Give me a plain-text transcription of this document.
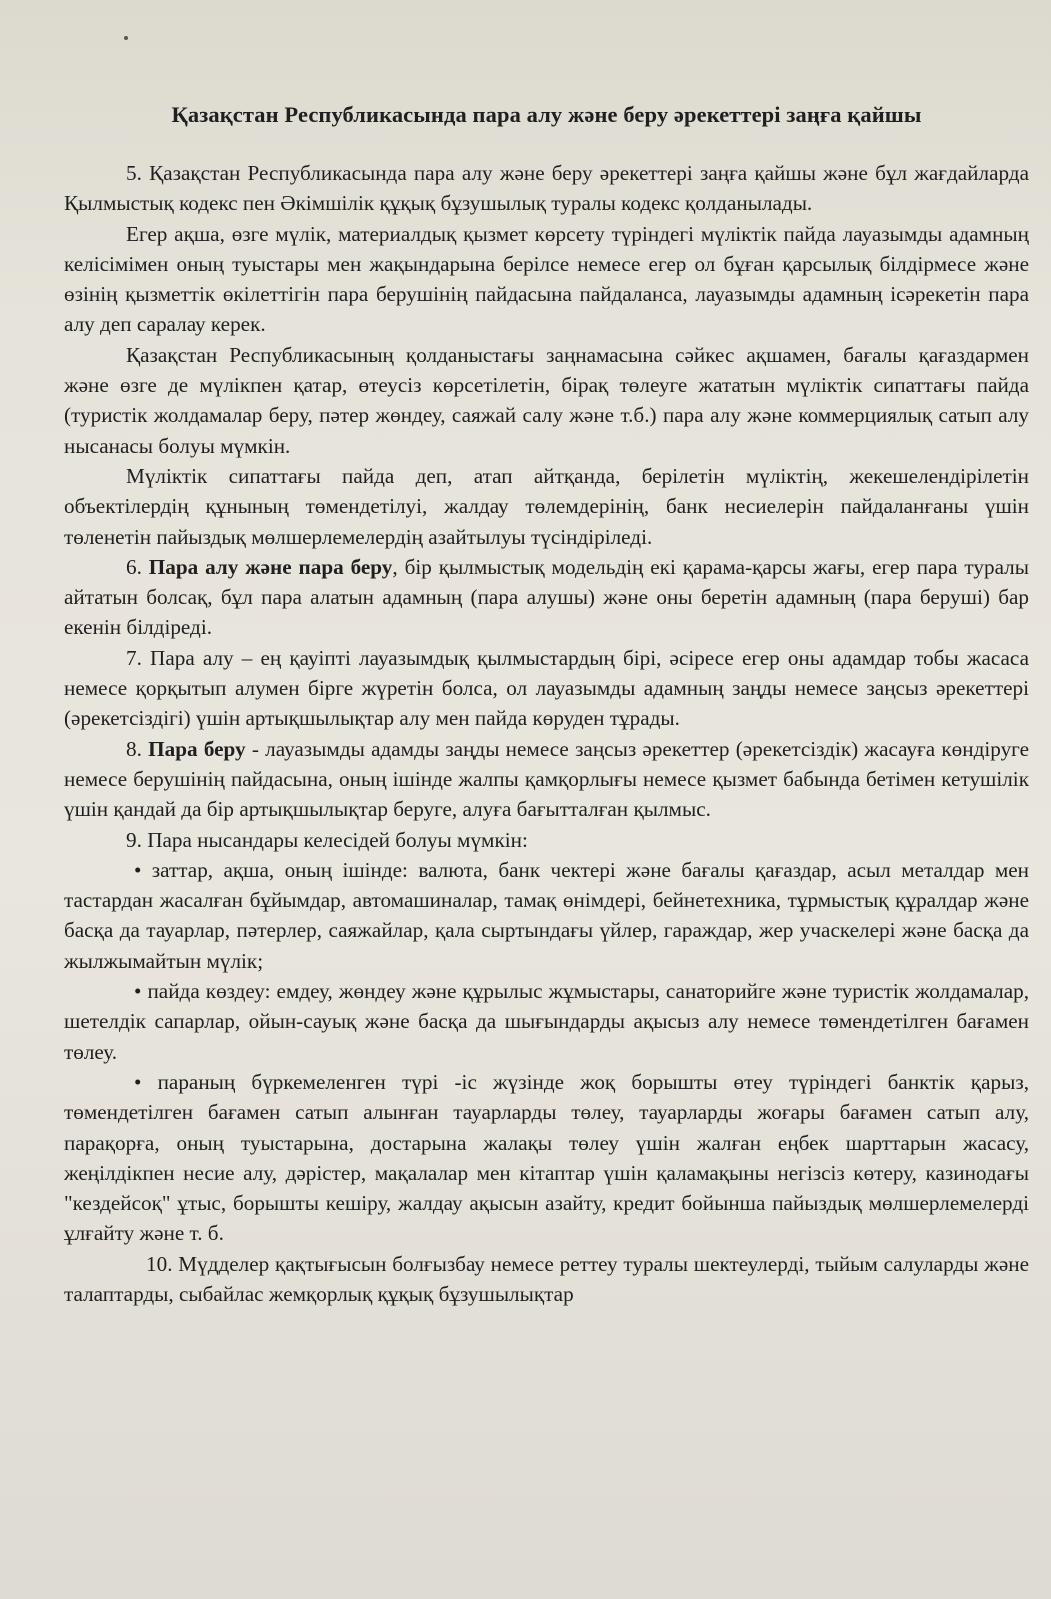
Қазақстан Республикасында пара алу және беру әрекеттері заңға қайшы

5. Қазақстан Республикасында пара алу және беру әрекеттері заңға қайшы және бұл жағдайларда Қылмыстық кодекс пен Әкімшілік құқық бұзушылық туралы кодекс қолданылады.

Егер ақша, өзге мүлік, материалдық қызмет көрсету түріндегі мүліктік пайда лауазымды адамның келісімімен оның туыстары мен жақындарына берілсе немесе егер ол бұған қарсылық білдірмесе және өзінің қызметтік өкілеттігін пара берушінің пайдасына пайдаланса, лауазымды адамның ісәрекетін пара алу деп саралау керек.

Қазақстан Республикасының қолданыстағы заңнамасына сәйкес ақшамен, бағалы қағаздармен және өзге де мүлікпен қатар, өтеусіз көрсетілетін, бірақ төлеуге жататын мүліктік сипаттағы пайда (туристік жолдамалар беру, пәтер жөндеу, саяжай салу және т.б.) пара алу және коммерциялық сатып алу нысанасы болуы мүмкін.

Мүліктік сипаттағы пайда деп, атап айтқанда, берілетін мүліктің, жекешелендірілетін объектілердің құнының төмендетілуі, жалдау төлемдерінің, банк несиелерін пайдаланғаны үшін төленетін пайыздық мөлшерлемелердің азайтылуы түсіндіріледі.

6. Пара алу және пара беру, бір қылмыстық модельдің екі қарама-қарсы жағы, егер пара туралы айтатын болсақ, бұл пара алатын адамның (пара алушы) және оны беретін адамның (пара беруші) бар екенін білдіреді.

7. Пара алу – ең қауіпті лауазымдық қылмыстардың бірі, әсіресе егер оны адамдар тобы жасаса немесе қорқытып алумен бірге жүретін болса, ол лауазымды адамның заңды немесе заңсыз әрекеттері (әрекетсіздігі) үшін артықшылықтар алу мен пайда көруден тұрады.

8. Пара беру - лауазымды адамды заңды немесе заңсыз әрекеттер (әрекетсіздік) жасауға көндіруге немесе берушінің пайдасына, оның ішінде жалпы қамқорлығы немесе қызмет бабында бетімен кетушілік үшін қандай да бір артықшылықтар беруге, алуға бағытталған қылмыс.

9. Пара нысандары келесідей болуы мүмкін:

• заттар, ақша, оның ішінде: валюта, банк чектері және бағалы қағаздар, асыл металдар мен тастардан жасалған бұйымдар, автомашиналар, тамақ өнімдері, бейнетехника, тұрмыстық құралдар және басқа да тауарлар, пәтерлер, саяжайлар, қала сыртындағы үйлер, гараждар, жер учаскелері және басқа да жылжымайтын мүлік;

• пайда көздеу: емдеу, жөндеу және құрылыс жұмыстары, санаторийге және туристік жолдамалар, шетелдік сапарлар, ойын-сауық және басқа да шығындарды ақысыз алу немесе төмендетілген бағамен төлеу.

• параның бүркемеленген түрі -іс жүзінде жоқ борышты өтеу түріндегі банктік қарыз, төмендетілген бағамен сатып алынған тауарларды төлеу, тауарларды жоғары бағамен сатып алу, парақорға, оның туыстарына, достарына жалақы төлеу үшін жалған еңбек шарттарын жасасу, жеңілдікпен несие алу, дәрістер, мақалалар мен кітаптар үшін қаламақыны негізсіз көтеру, казинодағы "кездейсоқ" ұтыс, борышты кешіру, жалдау ақысын азайту, кредит бойынша пайыздық мөлшерлемелерді ұлғайту және т. б.

10. Мүдделер қақтығысын болғызбау немесе реттеу туралы шектеулерді, тыйым салуларды және талаптарды, сыбайлас жемқорлық құқық бұзушылықтар
